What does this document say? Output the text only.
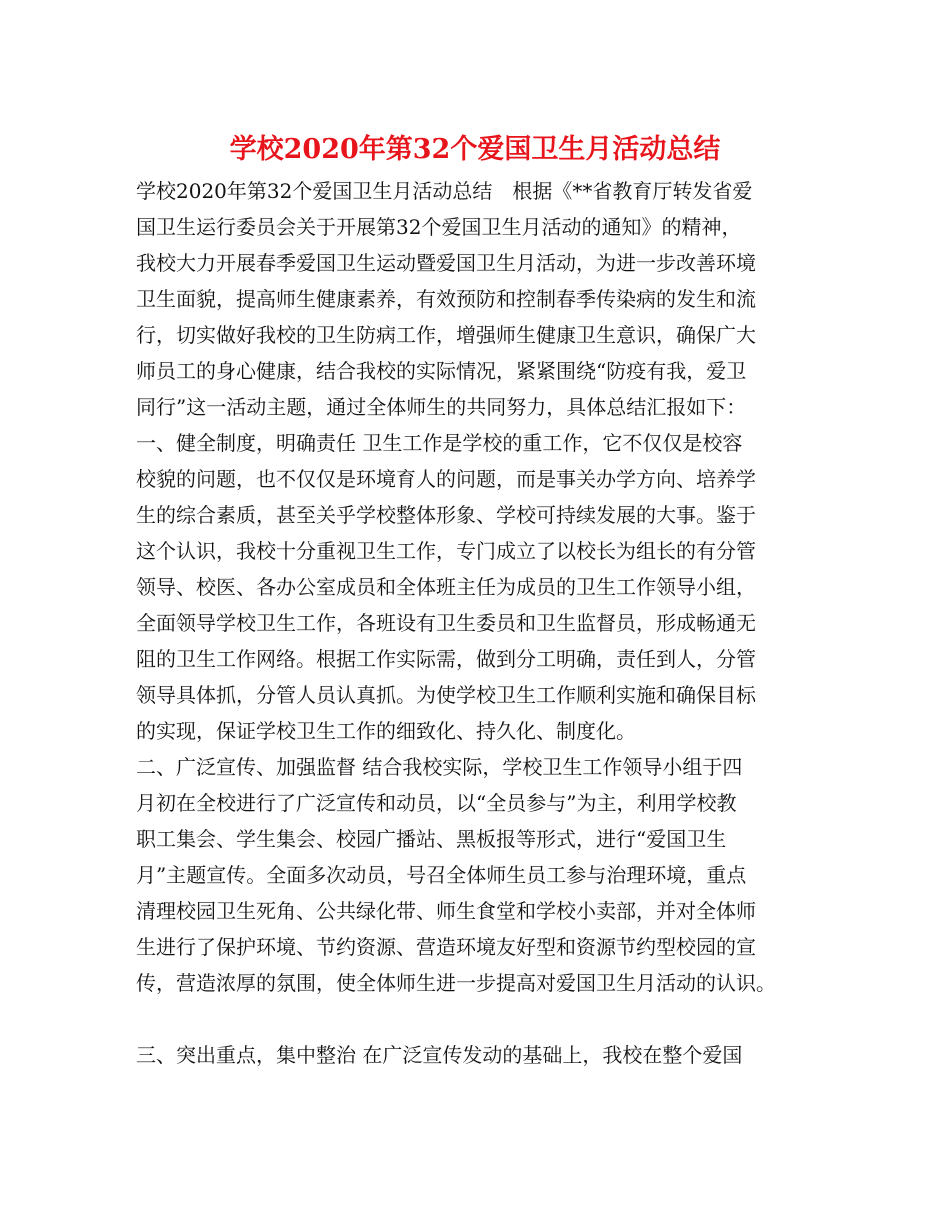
学校2020年第32个爱国卫生月活动总结
学校2020年第32个爱国卫生月活动总结　根据《**省教育厅转发省爱
国卫生运行委员会关于开展第32个爱国卫生月活动的通知》的精神，
我校大力开展春季爱国卫生运动暨爱国卫生月活动，为进一步改善环境
卫生面貌，提高师生健康素养，有效预防和控制春季传染病的发生和流
行，切实做好我校的卫生防病工作，增强师生健康卫生意识，确保广大
师员工的身心健康，结合我校的实际情况，紧紧围绕“防疫有我，爱卫
同行”这一活动主题，通过全体师生的共同努力，具体总结汇报如下：
一、健全制度，明确责任 卫生工作是学校的重工作，它不仅仅是校容
校貌的问题，也不仅仅是环境育人的问题，而是事关办学方向、培养学
生的综合素质，甚至关乎学校整体形象、学校可持续发展的大事。鉴于
这个认识，我校十分重视卫生工作，专门成立了以校长为组长的有分管
领导、校医、各办公室成员和全体班主任为成员的卫生工作领导小组，
全面领导学校卫生工作，各班设有卫生委员和卫生监督员，形成畅通无
阻的卫生工作网络。根据工作实际需，做到分工明确，责任到人，分管
领导具体抓，分管人员认真抓。为使学校卫生工作顺利实施和确保目标
的实现，保证学校卫生工作的细致化、持久化、制度化。
二、广泛宣传、加强监督 结合我校实际，学校卫生工作领导小组于四
月初在全校进行了广泛宣传和动员，以“全员参与”为主，利用学校教
职工集会、学生集会、校园广播站、黑板报等形式，进行“爱国卫生
月”主题宣传。全面多次动员，号召全体师生员工参与治理环境，重点
清理校园卫生死角、公共绿化带、师生食堂和学校小卖部，并对全体师
生进行了保护环境、节约资源、营造环境友好型和资源节约型校园的宣
传，营造浓厚的氛围，使全体师生进一步提高对爱国卫生月活动的认识。
三、突出重点，集中整治 在广泛宣传发动的基础上，我校在整个爱国
